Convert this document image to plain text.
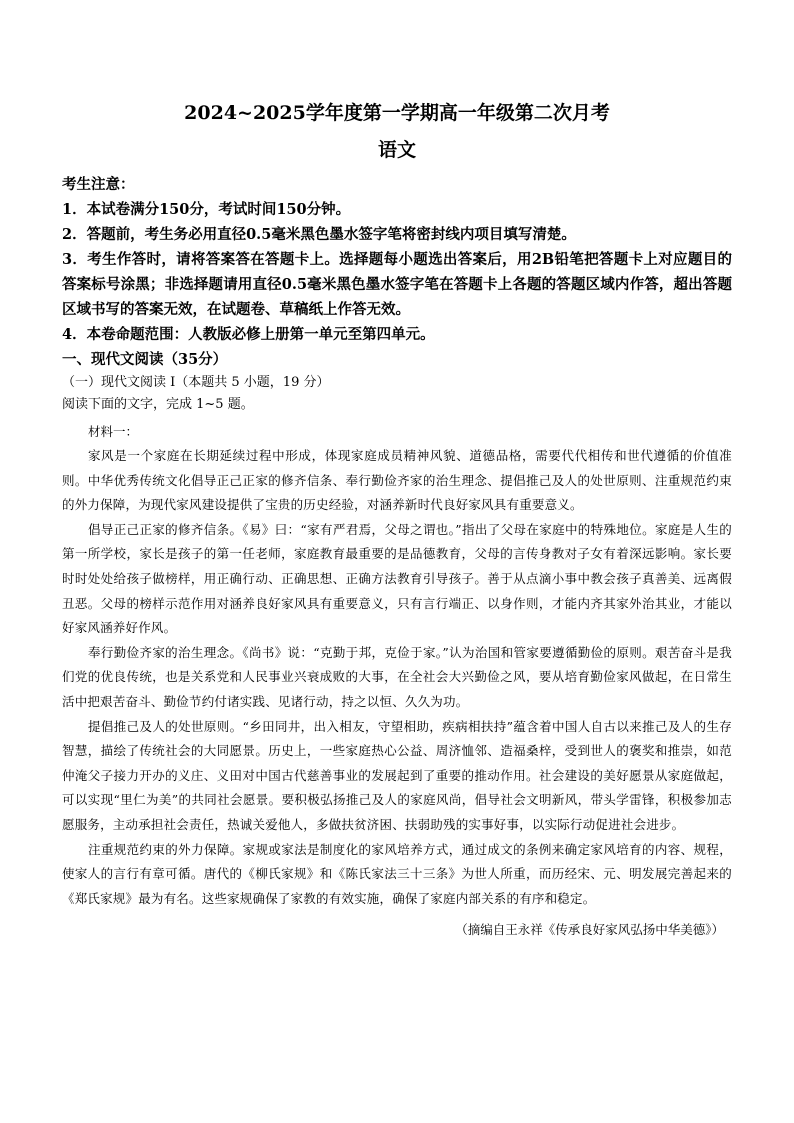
2024~2025学年度第一学期高一年级第二次月考
语文

考生注意：

1．本试卷满分150分，考试时间150分钟。

2．答题前，考生务必用直径0.5毫米黑色墨水签字笔将密封线内项目填写清楚。

3．考生作答时，请将答案答在答题卡上。选择题每小题选出答案后，用2B铅笔把答题卡上对应题目的答案标号涂黑；非选择题请用直径0.5毫米黑色墨水签字笔在答题卡上各题的答题区域内作答，超出答题区域书写的答案无效，在试题卷、草稿纸上作答无效。

4．本卷命题范围：人教版必修上册第一单元至第四单元。

一、现代文阅读（35分）

（一）现代文阅读 I（本题共 5 小题，19 分）

阅读下面的文字，完成 1~5 题。

材料一：

家风是一个家庭在长期延续过程中形成，体现家庭成员精神风貌、道德品格，需要代代相传和世代遵循的价值准则。中华优秀传统文化倡导正己正家的修齐信条、奉行勤俭齐家的治生理念、提倡推己及人的处世原则、注重规范约束的外力保障，为现代家风建设提供了宝贵的历史经验，对涵养新时代良好家风具有重要意义。

倡导正己正家的修齐信条。《易》曰：“家有严君焉，父母之谓也。”指出了父母在家庭中的特殊地位。家庭是人生的第一所学校，家长是孩子的第一任老师，家庭教育最重要的是品德教育，父母的言传身教对子女有着深远影响。家长要时时处处给孩子做榜样，用正确行动、正确思想、正确方法教育引导孩子。善于从点滴小事中教会孩子真善美、远离假丑恶。父母的榜样示范作用对涵养良好家风具有重要意义，只有言行端正、以身作则，才能内齐其家外治其业，才能以好家风涵养好作风。

奉行勤俭齐家的治生理念。《尚书》说：“克勤于邦，克俭于家。”认为治国和管家要遵循勤俭的原则。艰苦奋斗是我们党的优良传统，也是关系党和人民事业兴衰成败的大事，在全社会大兴勤俭之风，要从培育勤俭家风做起，在日常生活中把艰苦奋斗、勤俭节约付诸实践、见诸行动，持之以恒、久久为功。

提倡推己及人的处世原则。“乡田同井，出入相友，守望相助，疾病相扶持”蕴含着中国人自古以来推己及人的生存智慧，描绘了传统社会的大同愿景。历史上，一些家庭热心公益、周济恤邻、造福桑梓，受到世人的褒奖和推崇，如范仲淹父子接力开办的义庄、义田对中国古代慈善事业的发展起到了重要的推动作用。社会建设的美好愿景从家庭做起，可以实现“里仁为美”的共同社会愿景。要积极弘扬推己及人的家庭风尚，倡导社会文明新风，带头学雷锋，积极参加志愿服务，主动承担社会责任，热诚关爱他人，多做扶贫济困、扶弱助残的实事好事，以实际行动促进社会进步。

注重规范约束的外力保障。家规或家法是制度化的家风培养方式，通过成文的条例来确定家风培育的内容、规程，使家人的言行有章可循。唐代的《柳氏家规》和《陈氏家法三十三条》为世人所重，而历经宋、元、明发展完善起来的《郑氏家规》最为有名。这些家规确保了家教的有效实施，确保了家庭内部关系的有序和稳定。

（摘编自王永祥《传承良好家风弘扬中华美德》）
